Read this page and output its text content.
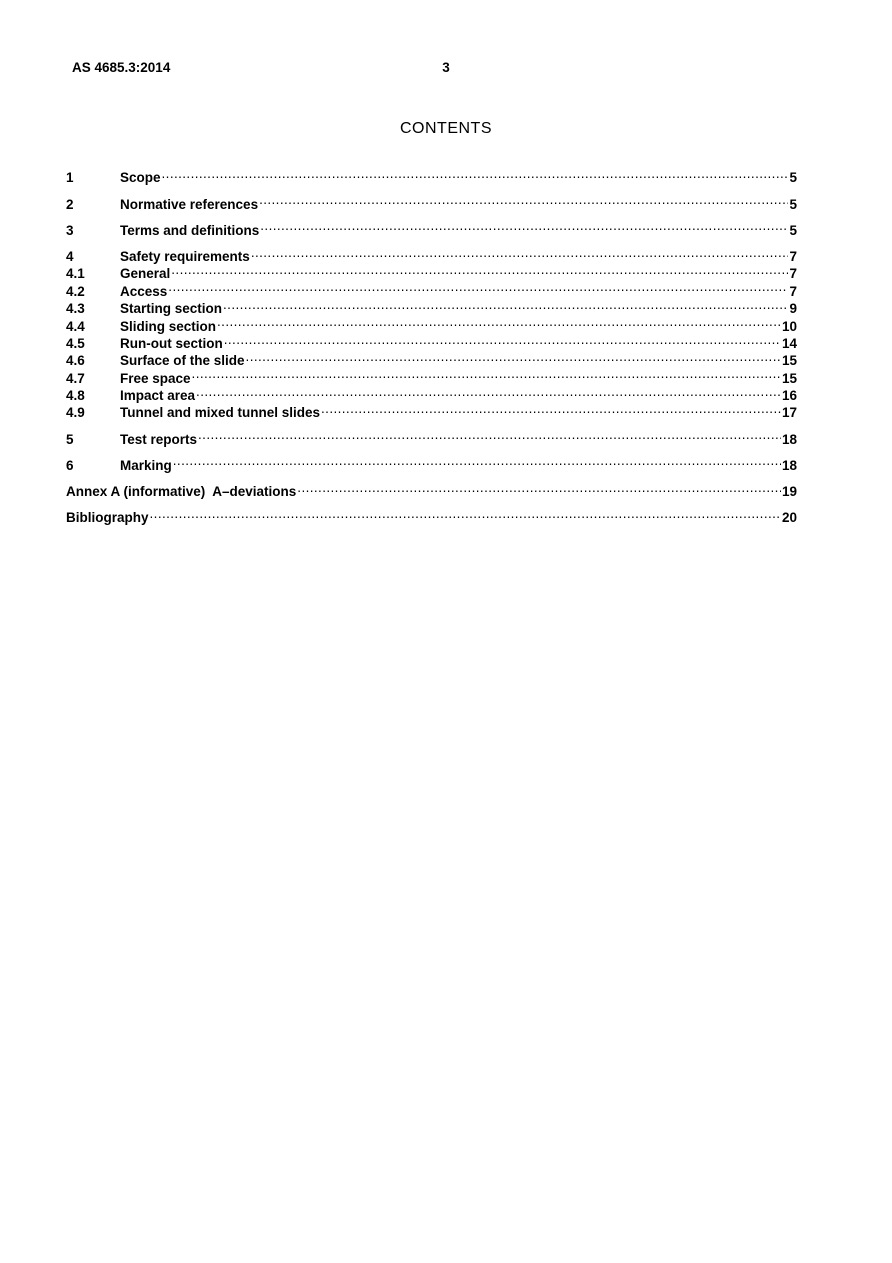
AS 4685.3:2014	3
CONTENTS
1	Scope .....	5
2	Normative references .....	5
3	Terms and definitions .....	5
4	Safety requirements .....	7
4.1	General .....	7
4.2	Access .....	7
4.3	Starting section .....	9
4.4	Sliding section .....	10
4.5	Run-out section .....	14
4.6	Surface of the slide .....	15
4.7	Free space .....	15
4.8	Impact area .....	16
4.9	Tunnel and mixed tunnel slides .....	17
5	Test reports .....	18
6	Marking .....	18
Annex A (informative)  A–deviations .....	19
Bibliography .....	20
